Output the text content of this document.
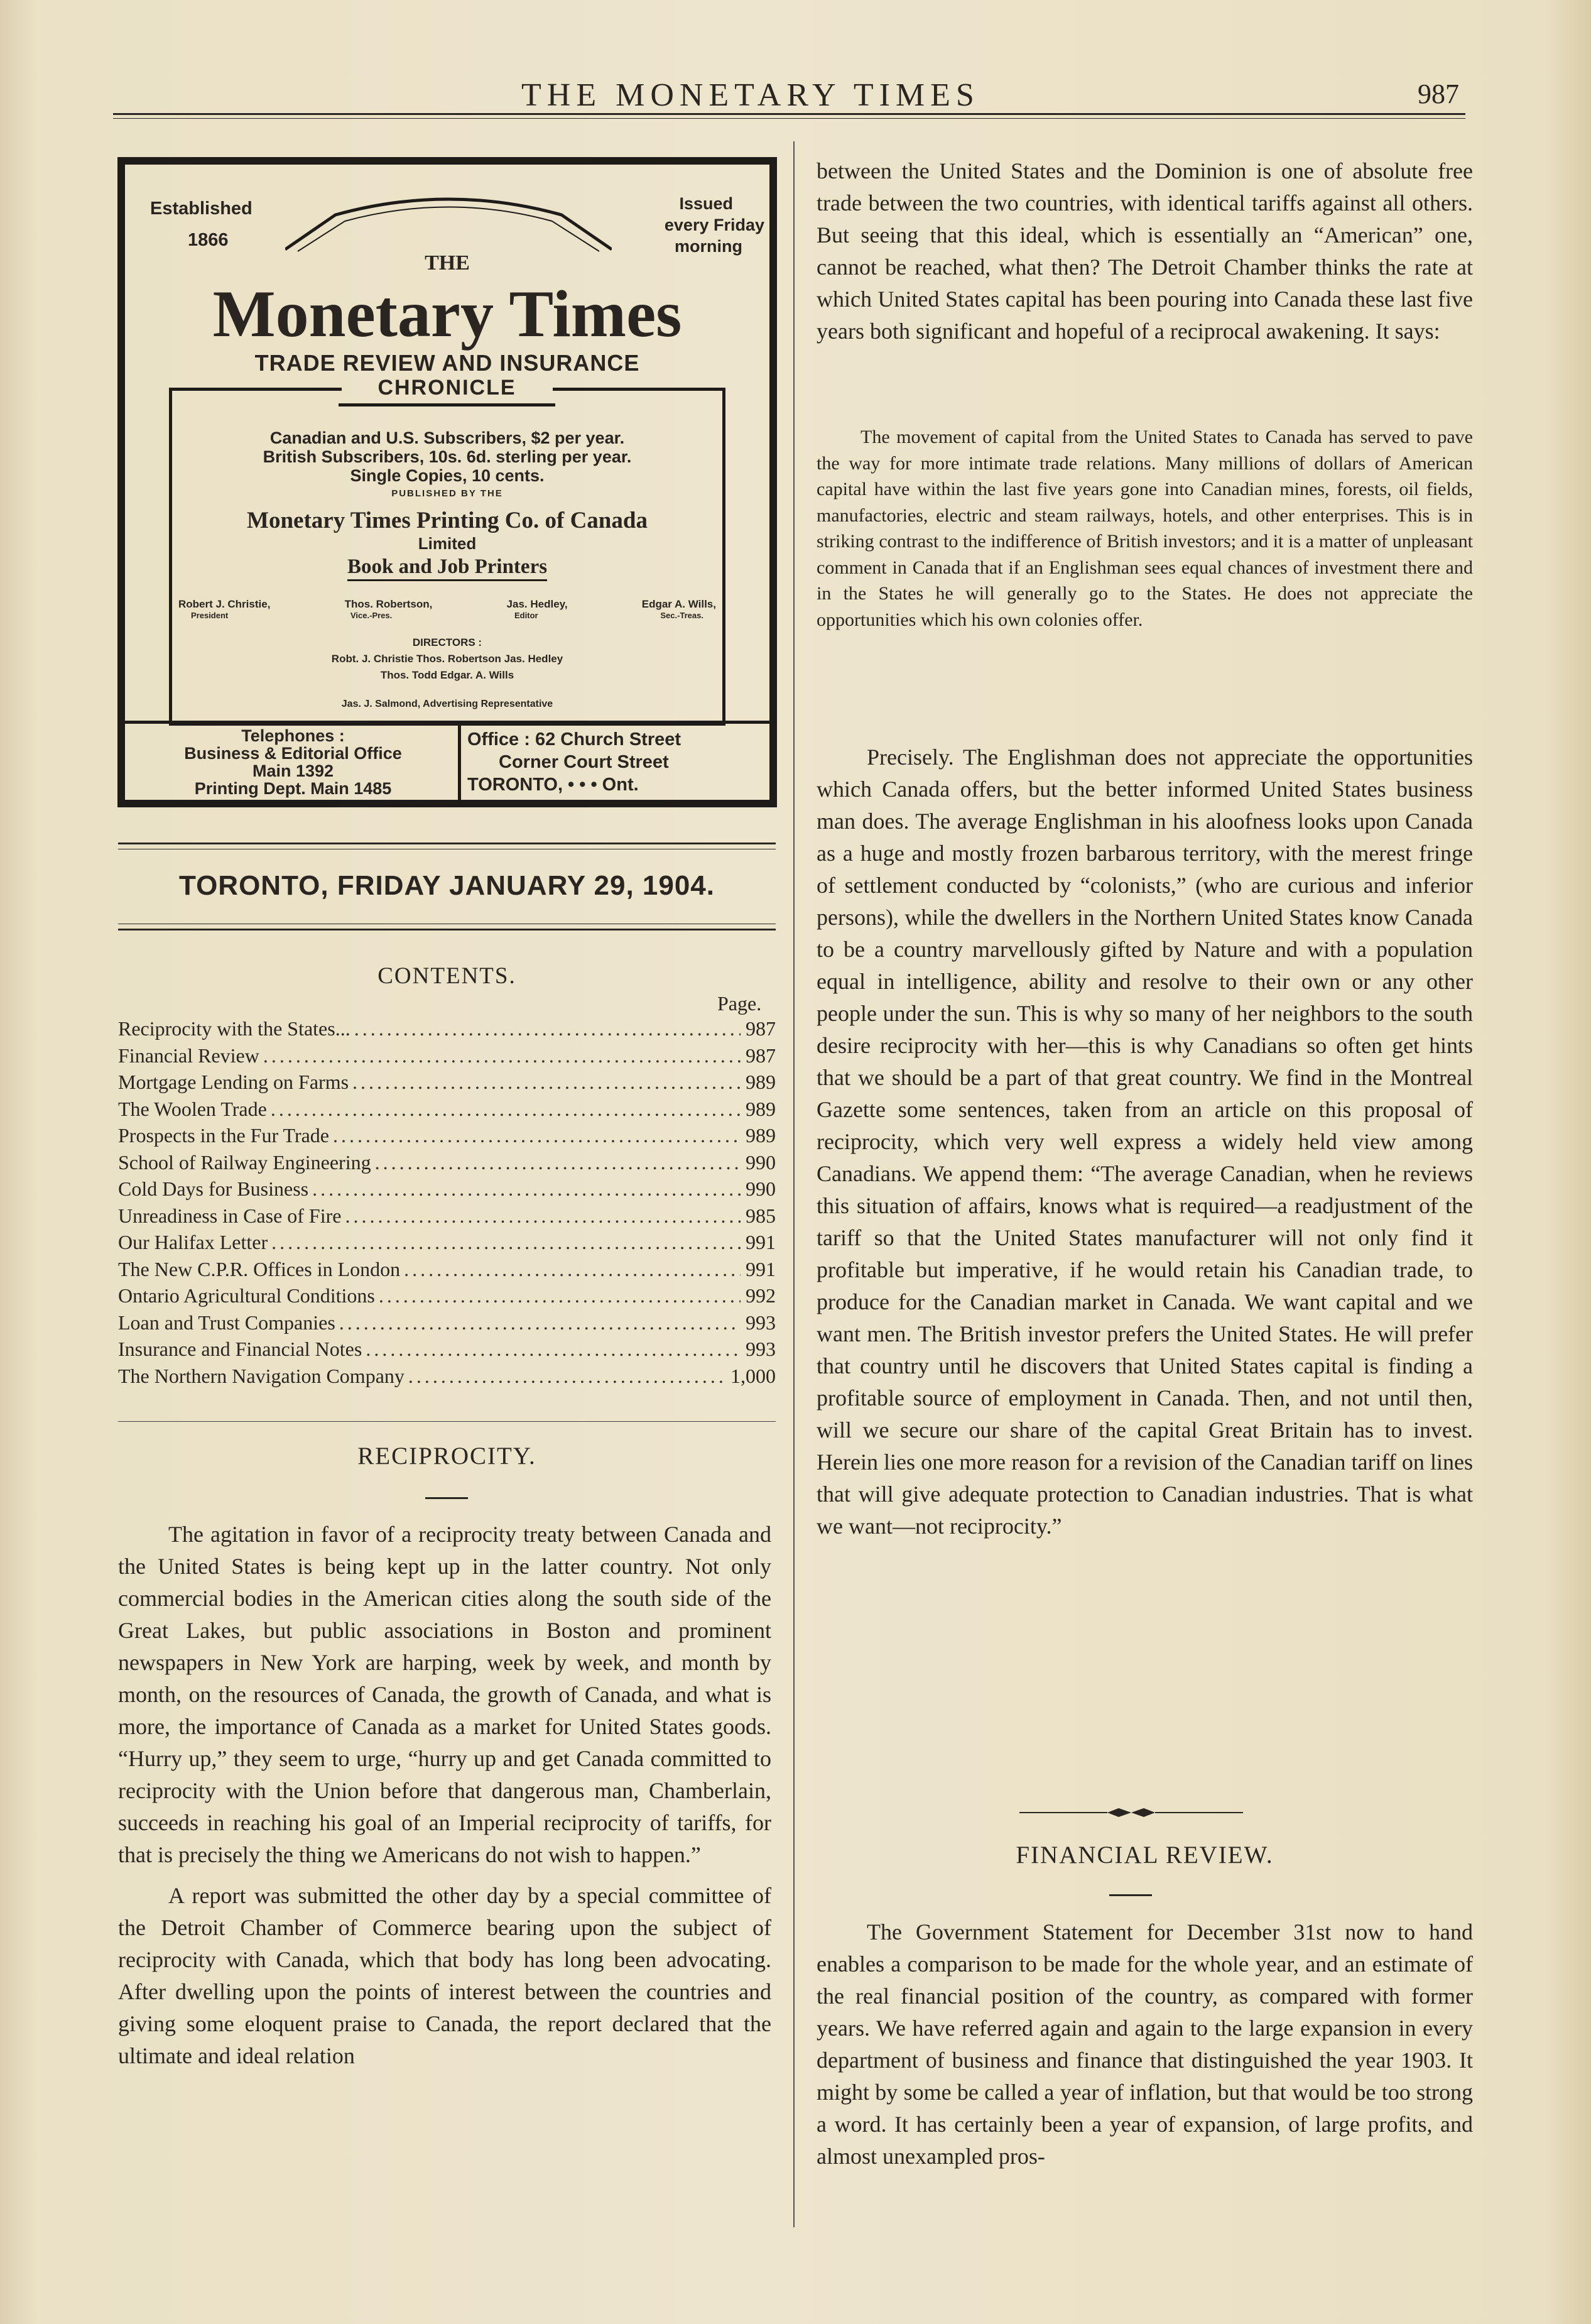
THE MONETARY TIMES	987
Established
1866
Issued
every Friday
morning
THE
Monetary Times
TRADE REVIEW AND INSURANCE
CHRONICLE
Canadian and U.S. Subscribers, $2 per year.
British Subscribers, 10s. 6d. sterling per year.
Single Copies, 10 cents.
PUBLISHED BY THE
Monetary Times Printing Co. of Canada
Limited
Book and Job Printers
Robert J. Christie,	Thos. Robertson,	Jas. Hedley,	Edgar A. Wills,
President	Vice.-Pres.	Editor	Sec.-Treas.
DIRECTORS :
Robt. J. Christie Thos. Robertson Jas. Hedley
Thos. Todd Edgar. A. Wills
Jas. J. Salmond, Advertising Representative
Telephones :
Business & Editorial Office
Main 1392
Printing Dept. Main 1485
Office : 62 Church Street
Corner Court Street
TORONTO, • • • Ont.
TORONTO, FRIDAY JANUARY 29, 1904.
CONTENTS.
Page.
Reciprocity with the States... .....	987
Financial Review .....	987
Mortgage Lending on Farms .....	989
The Woolen Trade .....	989
Prospects in the Fur Trade .....	989
School of Railway Engineering .....	990
Cold Days for Business .....	990
Unreadiness in Case of Fire .....	985
Our Halifax Letter .....	991
The New C.P.R. Offices in London .....	991
Ontario Agricultural Conditions .....	992
Loan and Trust Companies .....	993
Insurance and Financial Notes .....	993
The Northern Navigation Company .....	1,000
RECIPROCITY.

The agitation in favor of a reciprocity treaty between Canada and the United States is being kept up in the latter country. Not only commercial bodies in the American cities along the south side of the Great Lakes, but public associations in Boston and prominent newspapers in New York are harping, week by week, and month by month, on the resources of Canada, the growth of Canada, and what is more, the importance of Canada as a market for United States goods. “Hurry up,” they seem to urge, “hurry up and get Canada committed to reciprocity with the Union before that dangerous man, Chamberlain, succeeds in reaching his goal of an Imperial reciprocity of tariffs, for that is precisely the thing we Americans do not wish to happen.”

A report was submitted the other day by a special committee of the Detroit Chamber of Commerce bearing upon the subject of reciprocity with Canada, which that body has long been advocating. After dwelling upon the points of interest between the countries and giving some eloquent praise to Canada, the report declared that the ultimate and ideal relation

between the United States and the Dominion is one of absolute free trade between the two countries, with identical tariffs against all others. But seeing that this ideal, which is essentially an “American” one, cannot be reached, what then? The Detroit Chamber thinks the rate at which United States capital has been pouring into Canada these last five years both significant and hopeful of a reciprocal awakening. It says:

The movement of capital from the United States to Canada has served to pave the way for more intimate trade relations. Many millions of dollars of American capital have within the last five years gone into Canadian mines, forests, oil fields, manufactories, electric and steam railways, hotels, and other enterprises. This is in striking contrast to the indifference of British investors; and it is a matter of unpleasant comment in Canada that if an Englishman sees equal chances of investment there and in the States he will generally go to the States. He does not appreciate the opportunities which his own colonies offer.

Precisely. The Englishman does not appreciate the opportunities which Canada offers, but the better informed United States business man does. The average Englishman in his aloofness looks upon Canada as a huge and mostly frozen barbarous territory, with the merest fringe of settlement conducted by “colonists,” (who are curious and inferior persons), while the dwellers in the Northern United States know Canada to be a country marvellously gifted by Nature and with a population equal in intelligence, ability and resolve to their own or any other people under the sun. This is why so many of her neighbors to the south desire reciprocity with her—this is why Canadians so often get hints that we should be a part of that great country. We find in the Montreal Gazette some sentences, taken from an article on this proposal of reciprocity, which very well express a widely held view among Canadians. We append them: “The average Canadian, when he reviews this situation of affairs, knows what is required—a readjustment of the tariff so that the United States manufacturer will not only find it profitable but imperative, if he would retain his Canadian trade, to produce for the Canadian market in Canada. We want capital and we want men. The British investor prefers the United States. He will prefer that country until he discovers that United States capital is finding a profitable source of employment in Canada. Then, and not until then, will we secure our share of the capital Great Britain has to invest. Herein lies one more reason for a revision of the Canadian tariff on lines that will give adequate protection to Canadian industries. That is what we want—not reciprocity.”

FINANCIAL REVIEW.

The Government Statement for December 31st now to hand enables a comparison to be made for the whole year, and an estimate of the real financial position of the country, as compared with former years. We have referred again and again to the large expansion in every department of business and finance that distinguished the year 1903. It might by some be called a year of inflation, but that would be too strong a word. It has certainly been a year of expansion, of large profits, and almost unexampled pros-
